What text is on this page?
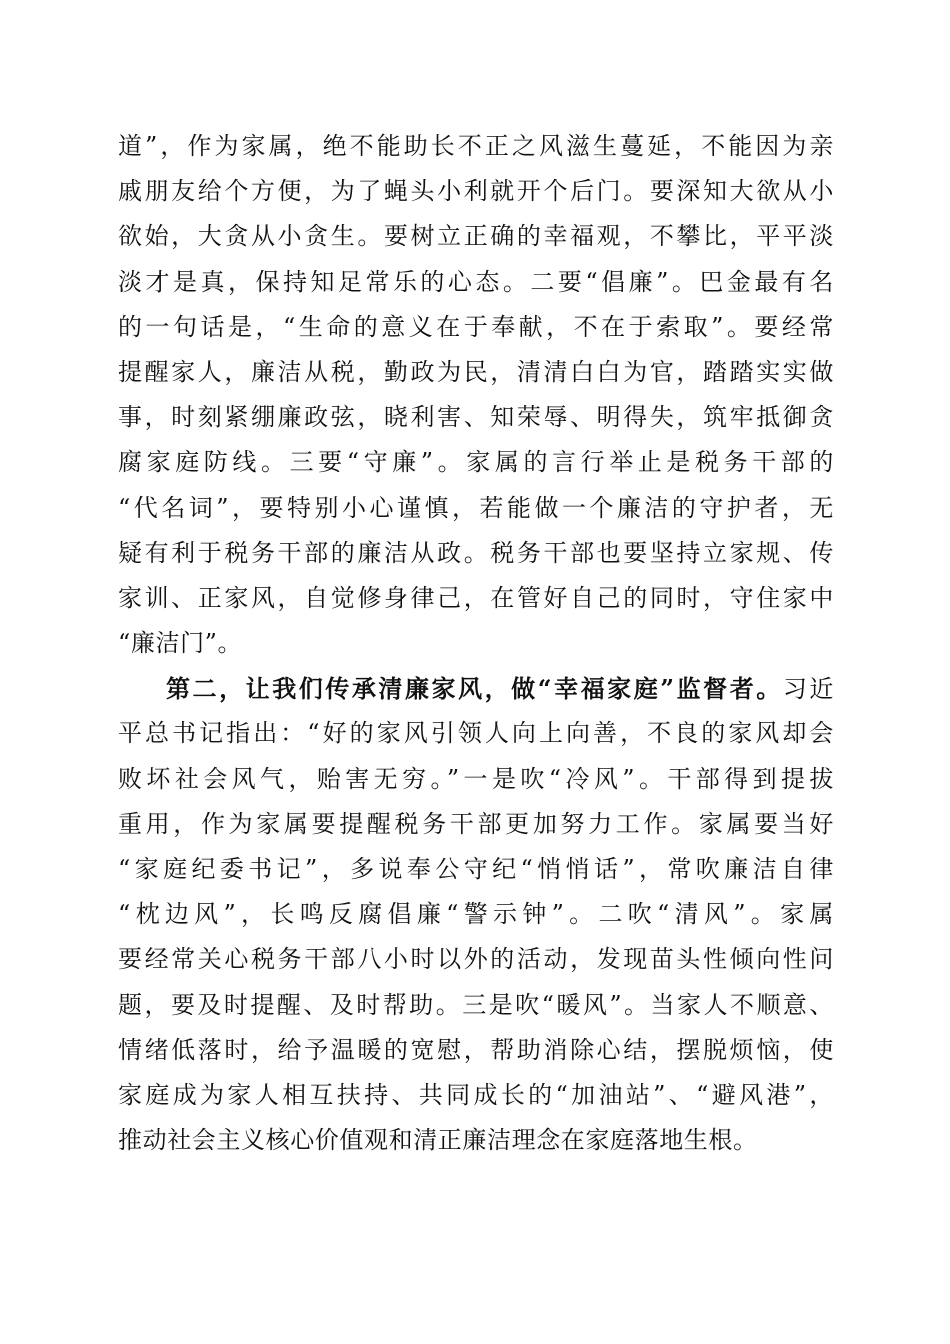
道”，作为家属，绝不能助长不正之风滋生蔓延，不能因为亲
戚朋友给个方便，为了蝇头小利就开个后门。要深知大欲从小
欲始，大贪从小贪生。要树立正确的幸福观，不攀比，平平淡
淡才是真，保持知足常乐的心态。二要“倡廉”。巴金最有名
的一句话是，“生命的意义在于奉献，不在于索取”。要经常
提醒家人，廉洁从税，勤政为民，清清白白为官，踏踏实实做
事，时刻紧绷廉政弦，晓利害、知荣辱、明得失，筑牢抵御贪
腐家庭防线。三要“守廉”。家属的言行举止是税务干部的
“代名词”，要特别小心谨慎，若能做一个廉洁的守护者，无
疑有利于税务干部的廉洁从政。税务干部也要坚持立家规、传
家训、正家风，自觉修身律己，在管好自己的同时，守住家中
“廉洁门”。
第二，让我们传承清廉家风，做“幸福家庭”监督者。习近
平总书记指出：“好的家风引领人向上向善，不良的家风却会
败坏社会风气，贻害无穷。”一是吹“冷风”。干部得到提拔
重用，作为家属要提醒税务干部更加努力工作。家属要当好
“家庭纪委书记”，多说奉公守纪“悄悄话”，常吹廉洁自律
“枕边风”，长鸣反腐倡廉“警示钟”。二吹“清风”。家属
要经常关心税务干部八小时以外的活动，发现苗头性倾向性问
题，要及时提醒、及时帮助。三是吹“暖风”。当家人不顺意、
情绪低落时，给予温暖的宽慰，帮助消除心结，摆脱烦恼，使
家庭成为家人相互扶持、共同成长的“加油站”、“避风港”，
推动社会主义核心价值观和清正廉洁理念在家庭落地生根。
